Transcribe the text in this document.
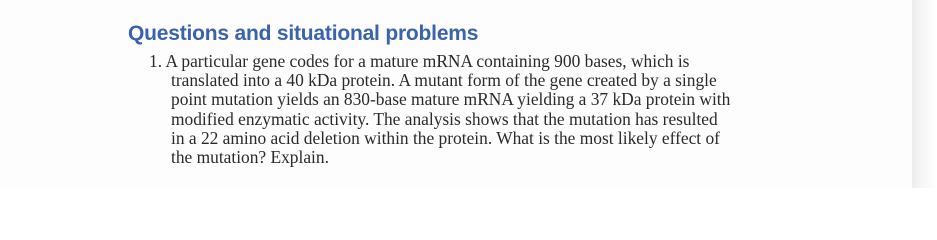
Questions and situational problems
1. A particular gene codes for a mature mRNA containing 900 bases, which is
translated into a 40 kDa protein. A mutant form of the gene created by a single
point mutation yields an 830-base mature mRNA yielding a 37 kDa protein with
modified enzymatic activity. The analysis shows that the mutation has resulted
in a 22 amino acid deletion within the protein. What is the most likely effect of
the mutation? Explain.
